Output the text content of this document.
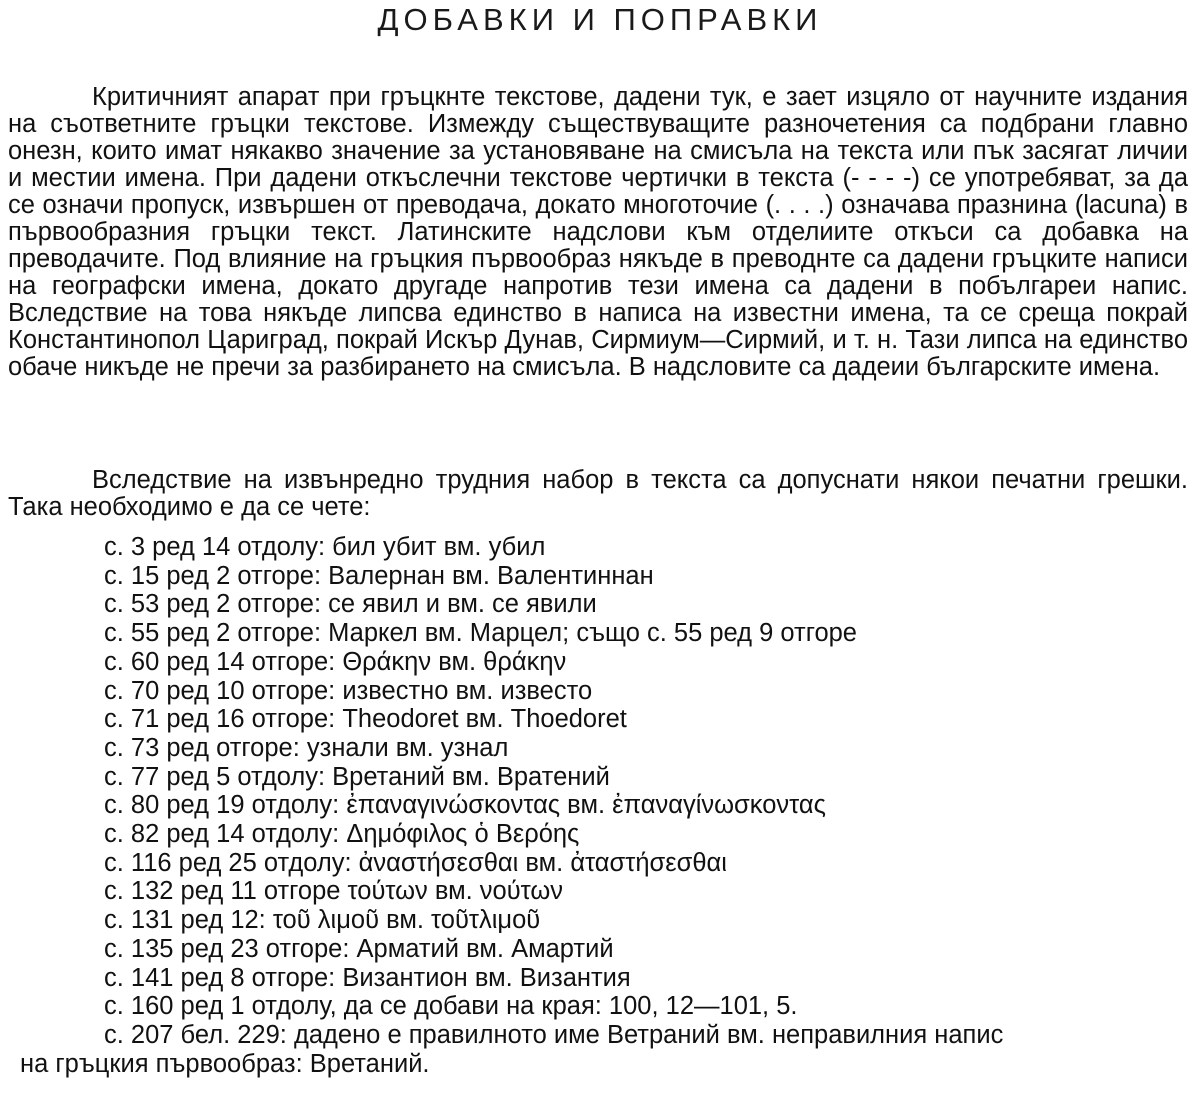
ДОБАВКИ И ПОПРАВКИ

Критичният апарат при гръцкнте текстове, дадени тук, е зает изцяло от научните издания на съответните гръцки текстове. Измежду съществуващите разночетения са подбрани главно онезн, които имат някакво значение за установяване на смисъла на текста или пък засягат личии и местии имена. При дадени откъслечни текстове чертички в текста (- - - -) се употребяват, за да се означи пропуск, извършен от преводача, докато многоточие (. . . .) означава празнина (lacuna) в първообразния гръцки текст. Латинските надслови към отделиите откъси са добавка на преводачите. Под влияние на гръцкия първообраз някъде в преводнте са дадени гръцките написи на географски имена, докато другаде напротив тези имена са дадени в побългареи напис. Вследствие на това някъде липсва единство в написа на известни имена, та се среща покрай Константинопол Цариград, покрай Искър Дунав, Сирмиум—Сирмий, и т. н. Тази липса на единство обаче никъде не пречи за разбирането на смисъла. В надсловите са дадеии българските имена.

Вследствие на извънредно трудния набор в текста са допуснати някои печатни грешки. Така необходимо е да се чете:

с. 3 ред 14 отдолу: бил убит вм. убил
с. 15 ред 2 отгоре: Валернан вм. Валентиннан
с. 53 ред 2 отгоре: се явил и вм. се явили
с. 55 ред 2 отгоре: Маркел вм. Марцел; също с. 55 ред 9 отгоре
с. 60 ред 14 отгоре: Θράκην вм. θράκην
с. 70 ред 10 отгоре: известно вм. известо
с. 71 ред 16 отгоре: Theodoret вм. Thoedoret
с. 73 ред отгоре: узнали вм. узнал
с. 77 ред 5 отдолу: Вретаний вм. Вратений
с. 80 ред 19 отдолу: ἐπαναγινώσκοντας вм. ἐπαναγίνωσκοντας
с. 82 ред 14 отдолу: Δημόφιλος ὁ Βερόης
с. 116 ред 25 отдолу: ἀναστήσεσθαι вм. ἀταστήσεσθαι
с. 132 ред 11 отгоре τούτων вм. νούτων
с. 131 ред 12: τοῦ λιμοῦ вм. τοῦτλιμοῦ
с. 135 ред 23 отгоре: Арматий вм. Амартий
с. 141 ред 8 отгоре: Византион вм. Византия
с. 160 ред 1 отдолу, да се добави на края: 100, 12—101, 5.
с. 207 бел. 229: дадено е правилното име Ветраний вм. неправилния напис
на гръцкия първообраз: Вретаний.
